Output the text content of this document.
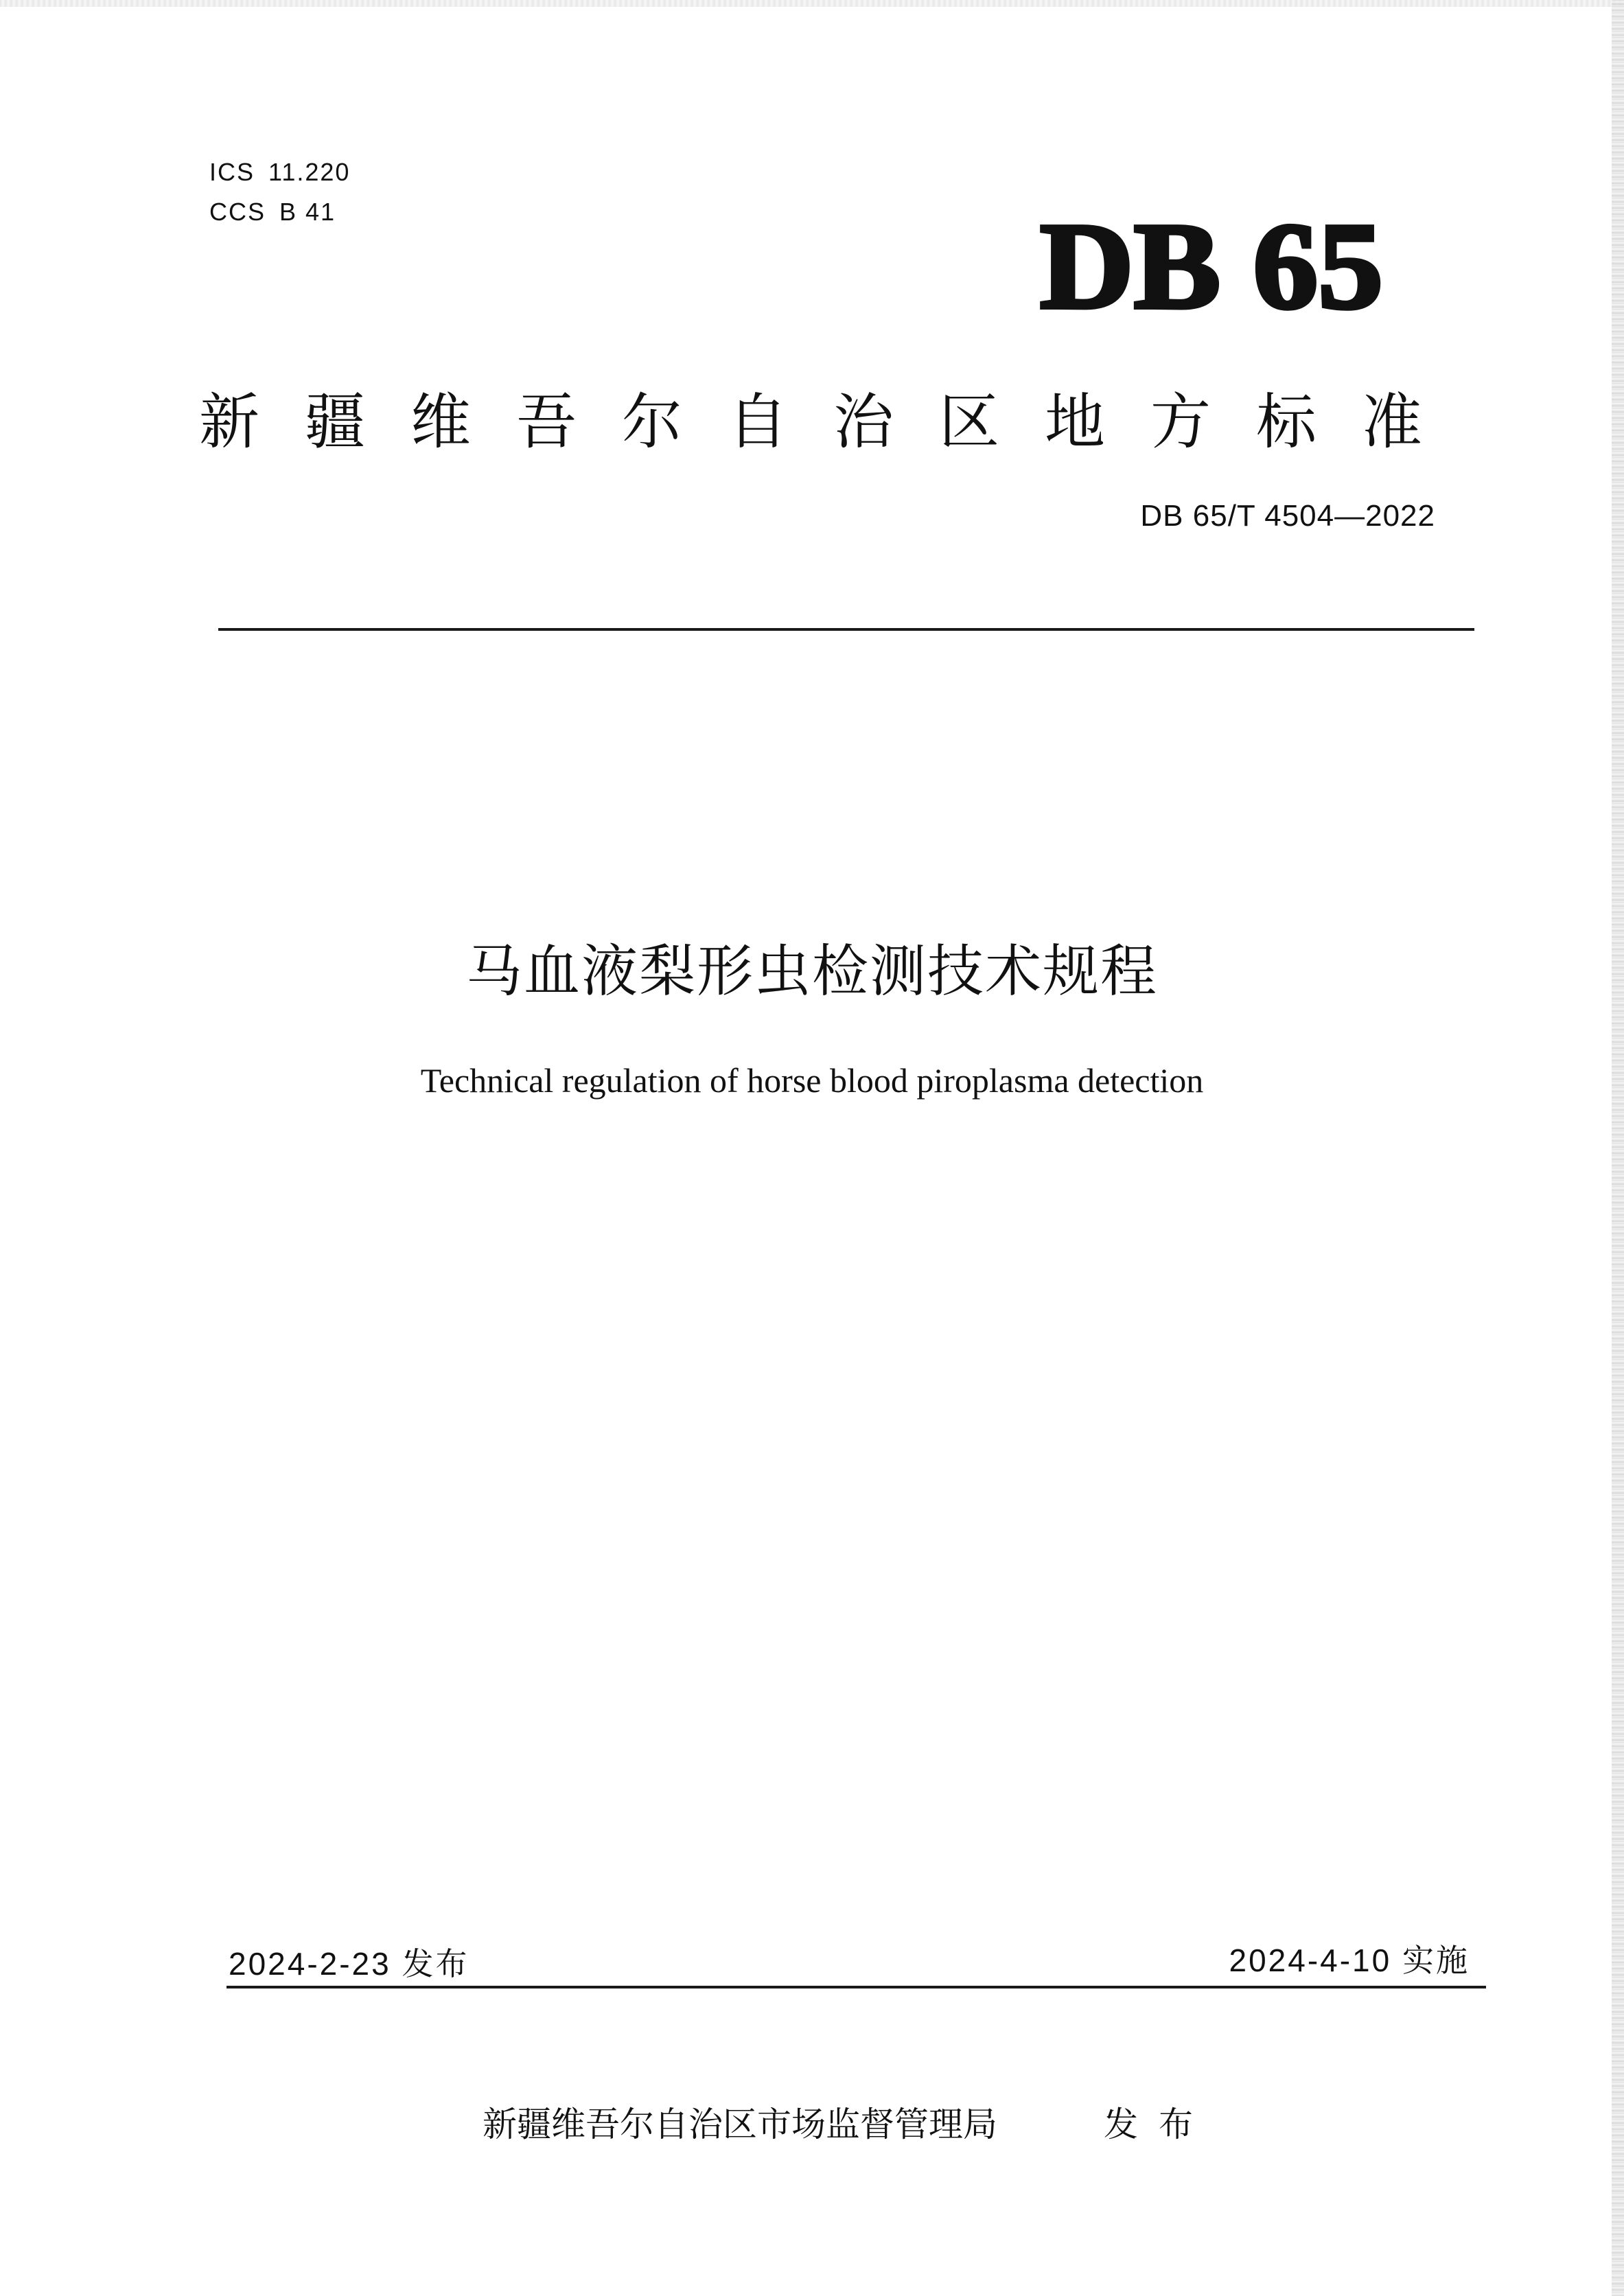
ICS 11.220
CCS B 41	DB 65
新疆维吾尔自治区地方标准
DB 65/T 4504—2022
马血液梨形虫检测技术规程
Technical regulation of horse blood piroplasma detection
2024-2-23 发布	2024-4-10 实施
新疆维吾尔自治区市场监督管理局	发布
